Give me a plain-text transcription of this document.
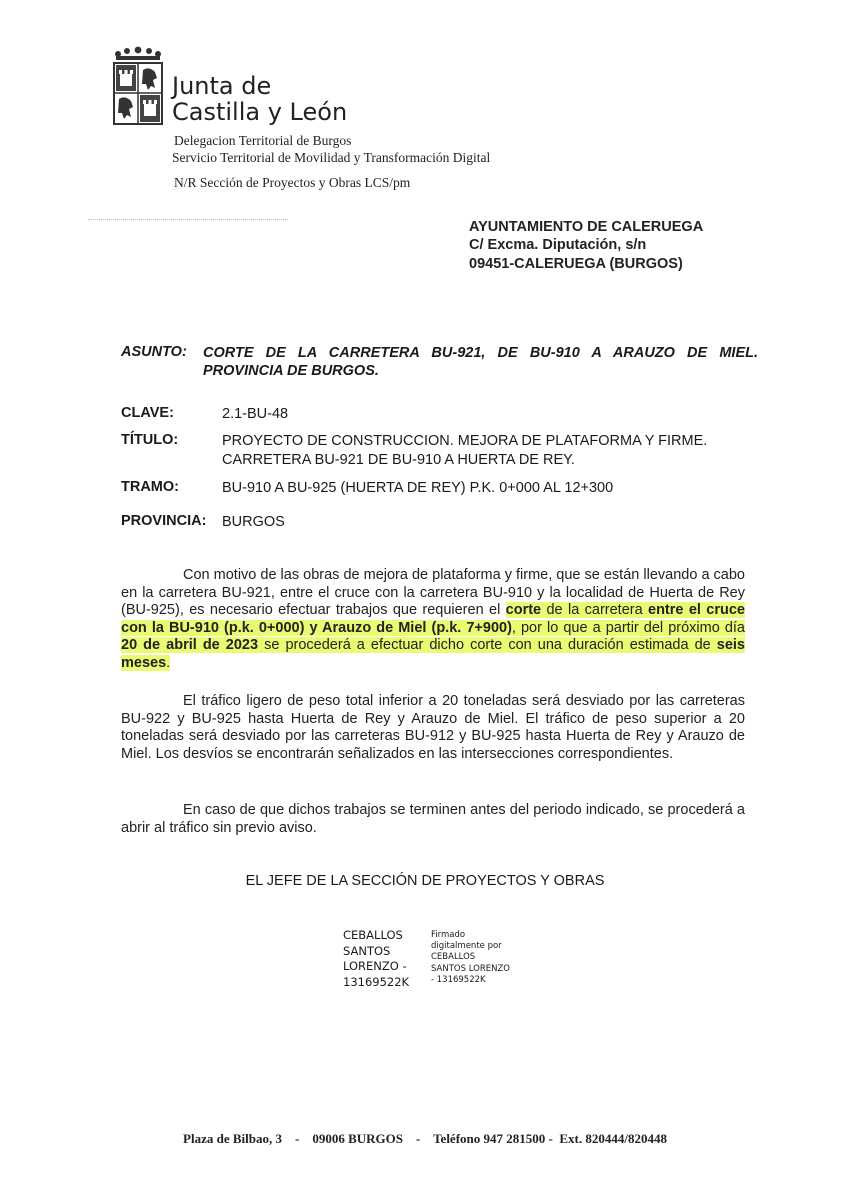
Junta de
Castilla y León
Delegacion Territorial de Burgos
Servicio Territorial de Movilidad y Transformación Digital
N/R Sección de Proyectos y Obras LCS/pm
AYUNTAMIENTO DE CALERUEGA
C/ Excma. Diputación, s/n
09451-CALERUEGA (BURGOS)
ASUNTO: CORTE DE LA CARRETERA BU-921, DE BU-910 A ARAUZO DE MIEL. PROVINCIA DE BURGOS.
CLAVE:	2.1-BU-48
TÍTULO:	PROYECTO DE CONSTRUCCION. MEJORA DE PLATAFORMA Y FIRME.
CARRETERA BU-921 DE BU-910 A HUERTA DE REY.
TRAMO:	BU-910 A BU-925 (HUERTA DE REY) P.K. 0+000 AL 12+300
PROVINCIA: BURGOS
Con motivo de las obras de mejora de plataforma y firme, que se están llevando a cabo en la carretera BU-921, entre el cruce con la carretera BU-910 y la localidad de Huerta de Rey (BU-925), es necesario efectuar trabajos que requieren el corte de la carretera entre el cruce con la BU-910 (p.k. 0+000) y Arauzo de Miel (p.k. 7+900), por lo que a partir del próximo día 20 de abril de 2023 se procederá a efectuar dicho corte con una duración estimada de seis meses.
El tráfico ligero de peso total inferior a 20 toneladas será desviado por las carreteras BU-922 y BU-925 hasta Huerta de Rey y Arauzo de Miel. El tráfico de peso superior a 20 toneladas será desviado por las carreteras BU-912 y BU-925 hasta Huerta de Rey y Arauzo de Miel. Los desvíos se encontrarán señalizados en las intersecciones correspondientes.
En caso de que dichos trabajos se terminen antes del periodo indicado, se procederá a abrir al tráfico sin previo aviso.
EL JEFE DE LA SECCIÓN DE PROYECTOS Y OBRAS
CEBALLOS
SANTOS
LORENZO -
13169522K
Firmado
digitalmente por
CEBALLOS
SANTOS LORENZO
- 13169522K
Plaza de Bilbao, 3    -    09006 BURGOS    -    Teléfono 947 281500 -  Ext. 820444/820448
